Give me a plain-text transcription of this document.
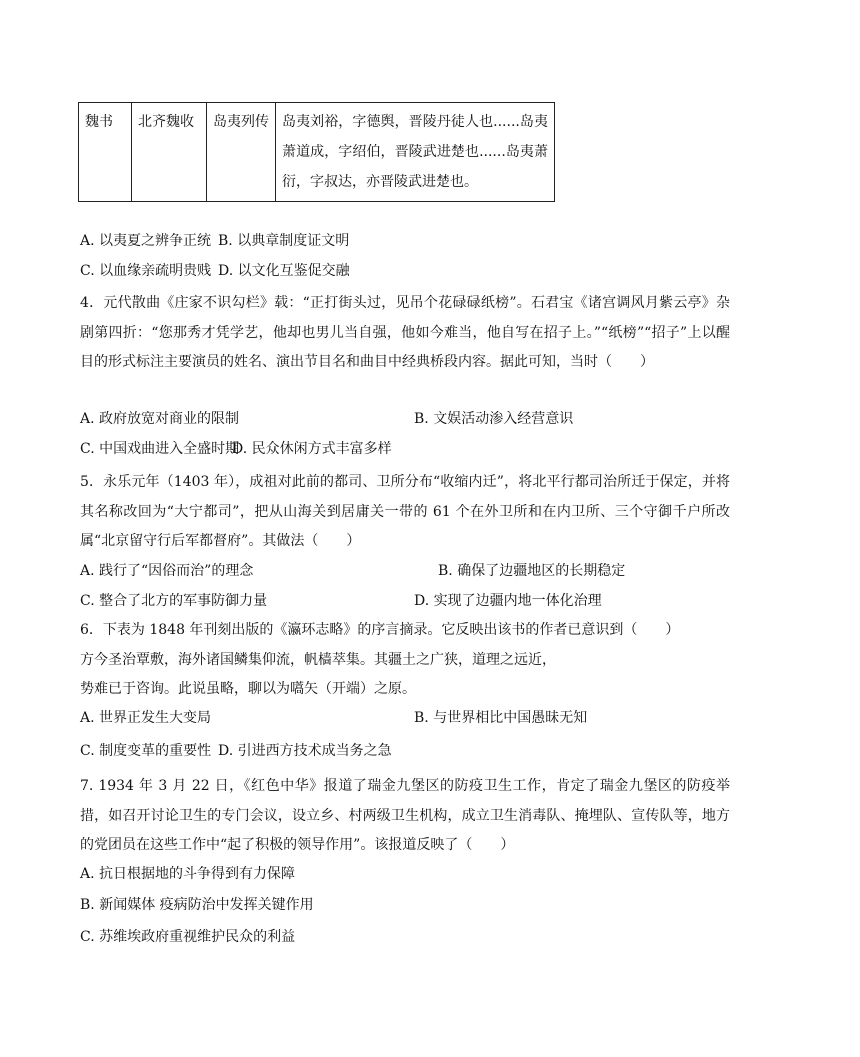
魏书	北齐魏收	岛夷列传	岛夷刘裕，字德舆，晋陵丹徒人也......岛夷萧道成，字绍伯，晋陵武进楚也......岛夷萧衍，字叔达，亦晋陵武进楚也。
A. 以夷夏之辨争正统 B. 以典章制度证文明
C. 以血缘亲疏明贵贱 D. 以文化互鉴促交融
4．元代散曲《庄家不识勾栏》载：“正打街头过，见吊个花碌碌纸榜”。石君宝《诸宫调风月紫云亭》杂剧第四折：“您那秀才凭学艺，他却也男儿当自强，他如今难当，他自写在招子上。”“纸榜”“招子”上以醒目的形式标注主要演员的姓名、演出节目名和曲目中经典桥段内容。据此可知，当时（　　）
A. 政府放宽对商业的限制	B. 文娱活动渗入经营意识
C. 中国戏曲进入全盛时期
D. 民众休闲方式丰富多样
5．永乐元年（1403 年），成祖对此前的都司、卫所分布“收缩内迁”，将北平行都司治所迁于保定，并将其名称改回为“大宁都司”，把从山海关到居庸关一带的 61 个在外卫所和在内卫所、三个守御千户所改属“北京留守行后军都督府”。其做法（　　）
A. 践行了“因俗而治”的理念	B. 确保了边疆地区的长期稳定
C. 整合了北方的军事防御力量	D. 实现了边疆内地一体化治理
6．下表为 1848 年刊刻出版的《瀛环志略》的序言摘录。它反映出该书的作者已意识到（　　）
方今圣治覃敷，海外诸国鳞集仰流，帆樯萃集。其疆土之广狭，道理之远近，
势难已于咨询。此说虽略，聊以为嚆矢（开端）之原。
A. 世界正发生大变局	B. 与世界相比中国愚昧无知
C. 制度变革的重要性 D. 引进西方技术成当务之急
7. 1934 年 3 月 22 日，《红色中华》报道了瑞金九堡区的防疫卫生工作，肯定了瑞金九堡区的防疫举措，如召开讨论卫生的专门会议，设立乡、村两级卫生机构，成立卫生消毒队、掩埋队、宣传队等，地方的党团员在这些工作中“起了积极的领导作用”。该报道反映了（　　）
A. 抗日根据地的斗争得到有力保障
B. 新闻媒体 疫病防治中发挥关键作用
C. 苏维埃政府重视维护民众的利益
